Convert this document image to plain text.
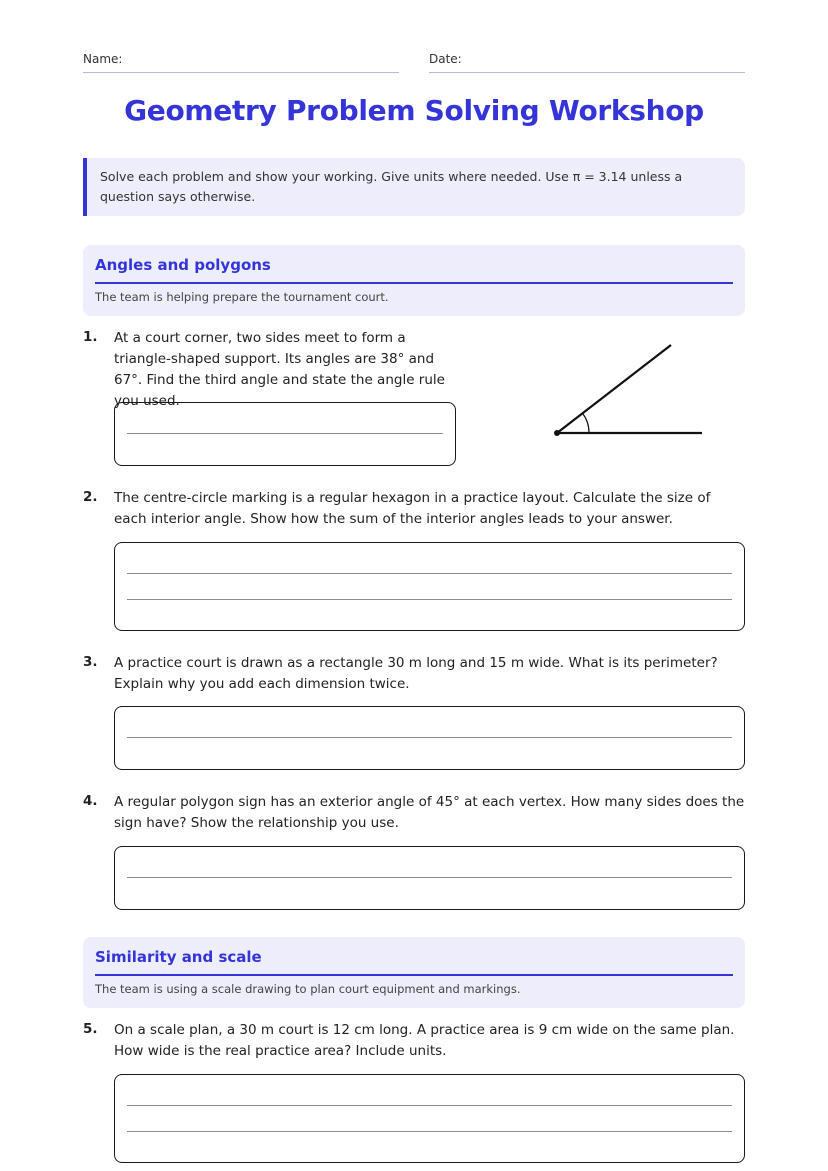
Name:	Date:
Geometry Problem Solving Workshop
Solve each problem and show your working. Give units where needed. Use π = 3.14 unless a question says otherwise.
Angles and polygons
The team is helping prepare the tournament court.
1. At a court corner, two sides meet to form a triangle-shaped support. Its angles are 38° and 67°. Find the third angle and state the angle rule you used.
2. The centre-circle marking is a regular hexagon in a practice layout. Calculate the size of each interior angle. Show how the sum of the interior angles leads to your answer.
3. A practice court is drawn as a rectangle 30 m long and 15 m wide. What is its perimeter? Explain why you add each dimension twice.
4. A regular polygon sign has an exterior angle of 45° at each vertex. How many sides does the sign have? Show the relationship you use.
Similarity and scale
The team is using a scale drawing to plan court equipment and markings.
5. On a scale plan, a 30 m court is 12 cm long. A practice area is 9 cm wide on the same plan. How wide is the real practice area? Include units.
